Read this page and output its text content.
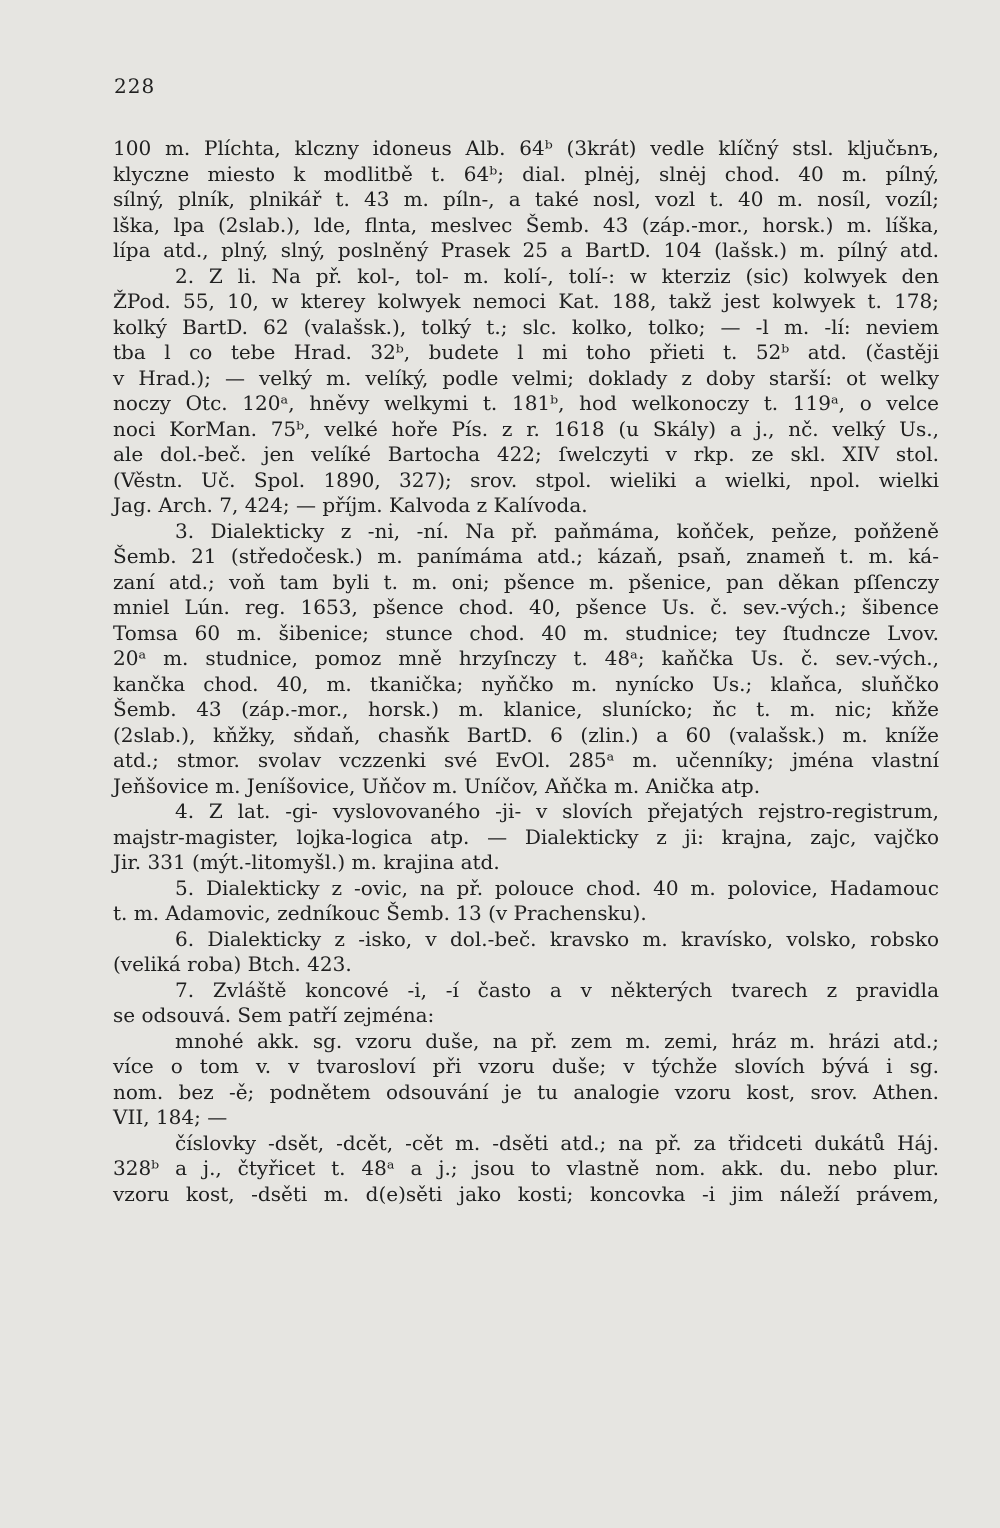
228
100 m. Plíchta, klczny idoneus Alb. 64ᵇ (3krát) vedle klíčný stsl. ključьnъ,
klyczne miesto k modlitbě t. 64ᵇ; dial. plnėj, slnėj chod. 40 m. pílný,
sílný, plník, plnikář t. 43 m. píln-, a také nosl, vozl t. 40 m. nosíl, vozíl;
lška, lpa (2slab.), lde, flnta, meslvec Šemb. 43 (záp.-mor., horsk.) m. líška,
lípa atd., plný, slný, poslněný Prasek 25 a BartD. 104 (lašsk.) m. pílný atd.
2. Z li. Na př. kol-, tol- m. kolí-, tolí-: w kterziz (sic) kolwyek den
ŽPod. 55, 10, w kterey kolwyek nemoci Kat. 188, takž jest kolwyek t. 178;
kolký BartD. 62 (valašsk.), tolký t.; slc. kolko, tolko; — -l m. -lí: neviem
tba l co tebe Hrad. 32ᵇ, budete l mi toho přieti t. 52ᵇ atd. (častěji
v Hrad.); — velký m. velíký, podle velmi; doklady z doby starší: ot welky
noczy Otc. 120ᵃ, hněvy welkymi t. 181ᵇ, hod welkonoczy t. 119ᵃ, o velce
noci KorMan. 75ᵇ, velké hoře Pís. z r. 1618 (u Skály) a j., nč. velký Us.,
ale dol.-beč. jen velíké Bartocha 422; ſwelczyti v rkp. ze skl. XIV stol.
(Věstn. Uč. Spol. 1890, 327); srov. stpol. wieliki a wielki, npol. wielki
Jag. Arch. 7, 424; — příjm. Kalvoda z Kalívoda.
3. Dialekticky z -ni, -ní. Na př. paňmáma, koňček, peňze, poňženě
Šemb. 21 (středočesk.) m. panímáma atd.; kázaň, psaň, znameň t. m. ká-
zaní atd.; voň tam byli t. m. oni; pšence m. pšenice, pan děkan pſſenczy
mniel Lún. reg. 1653, pšence chod. 40, pšence Us. č. sev.-vých.; šibence
Tomsa 60 m. šibenice; stunce chod. 40 m. studnice; tey ſtudncze Lvov.
20ᵃ m. studnice, pomoz mně hrzyſnczy t. 48ᵃ; kaňčka Us. č. sev.-vých.,
kančka chod. 40, m. tkanička; nyňčko m. nynícko Us.; klaňca, sluňčko
Šemb. 43 (záp.-mor., horsk.) m. klanice, slunícko; ňc t. m. nic; kňže
(2slab.), kňžky, sňdaň, chasňk BartD. 6 (zlin.) a 60 (valašsk.) m. kníže
atd.; stmor. svolav vczzenki své EvOl. 285ᵃ m. učenníky; jména vlastní
Jeňšovice m. Jeníšovice, Uňčov m. Uníčov, Aňčka m. Anička atp.
4. Z lat. -gi- vyslovovaného -ji- v slovích přejatých rejstro-registrum,
majstr-magister, lojka-logica atp. — Dialekticky z ji: krajna, zajc, vajčko
Jir. 331 (mýt.-litomyšl.) m. krajina atd.
5. Dialekticky z -ovic, na př. polouce chod. 40 m. polovice, Hadamouc
t. m. Adamovic, zedníkouc Šemb. 13 (v Prachensku).
6. Dialekticky z -isko, v dol.-beč. kravsko m. kravísko, volsko, robsko
(veliká roba) Btch. 423.
7. Zvláště koncové -i, -í často a v některých tvarech z pravidla
se odsouvá. Sem patří zejména:
mnohé akk. sg. vzoru duše, na př. zem m. zemi, hráz m. hrázi atd.;
více o tom v. v tvarosloví při vzoru duše; v týchže slovích bývá i sg.
nom. bez -ě; podnětem odsouvání je tu analogie vzoru kost, srov. Athen.
VII, 184; —
číslovky -dsět, -dcět, -cět m. -dsěti atd.; na př. za třidceti dukátů Háj.
328ᵇ a j., čtyřicet t. 48ᵃ a j.; jsou to vlastně nom. akk. du. nebo plur.
vzoru kost, -dsěti m. d(e)sěti jako kosti; koncovka -i jim náleží právem,
